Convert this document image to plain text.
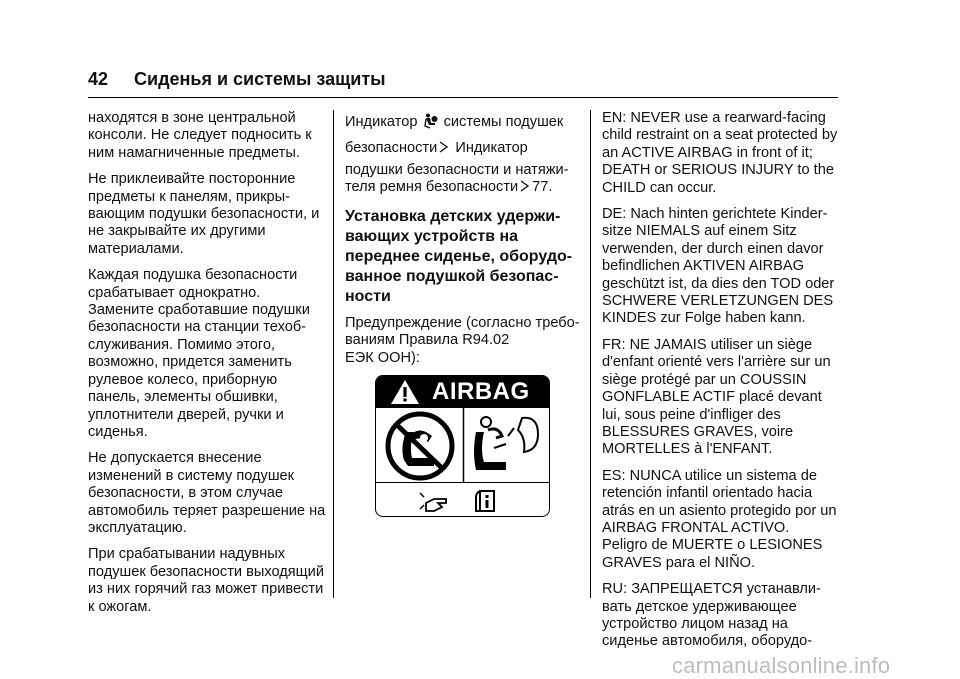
42 Сиденья и системы защиты

находятся в зоне центральной

консоли. Не следует подносить к

ним намагниченные предметы.

Не приклеивайте посторонние

предметы к панелям, прикры-

вающим подушки безопасности, и

не закрывайте их другими

материалами.

Каждая подушка безопасности

срабатывает однократно.

Замените сработавшие подушки

безопасности на станции техоб-

служивания. Помимо этого,

возможно, придется заменить

рулевое колесо, приборную

панель, элементы обшивки,

уплотнители дверей, ручки и

сиденья.

Не допускается внесение

изменений в систему подушек

безопасности, в этом случае

автомобиль теряет разрешение на

эксплуатацию.

При срабатывании надувных

подушек безопасности выходящий

из них горячий газ может привести

к ожогам.

Индикатор системы подушек

безопасности Индикатор

подушки безопасности и натяжи-

теля ремня безопасности 77.

Установка детских удержи-
вающих устройств на
переднее сиденье, оборудо-
ванное подушкой безопас-
ности

Предупреждение (согласно требо-

ваниям Правила R94.02

ЕЭК ООН):

AIRBAG

EN: NEVER use a rearward-facing

child restraint on a seat protected by

an ACTIVE AIRBAG in front of it;

DEATH or SERIOUS INJURY to the

CHILD can occur.

DE: Nach hinten gerichtete Kinder-

sitze NIEMALS auf einem Sitz

verwenden, der durch einen davor

befindlichen AKTIVEN AIRBAG

geschützt ist, da dies den TOD oder

SCHWERE VERLETZUNGEN DES

KINDES zur Folge haben kann.

FR: NE JAMAIS utiliser un siège

d'enfant orienté vers l'arrière sur un

siège protégé par un COUSSIN

GONFLABLE ACTIF placé devant

lui, sous peine d'infliger des

BLESSURES GRAVES, voire

MORTELLES à l'ENFANT.

ES: NUNCA utilice un sistema de

retención infantil orientado hacia

atrás en un asiento protegido por un

AIRBAG FRONTAL ACTIVO.

Peligro de MUERTE o LESIONES

GRAVES para el NIÑO.

RU: ЗАПРЕЩАЕТСЯ устанавли-

вать детское удерживающее

устройство лицом назад на

сиденье автомобиля, оборудо-

carmanualsonline.info
